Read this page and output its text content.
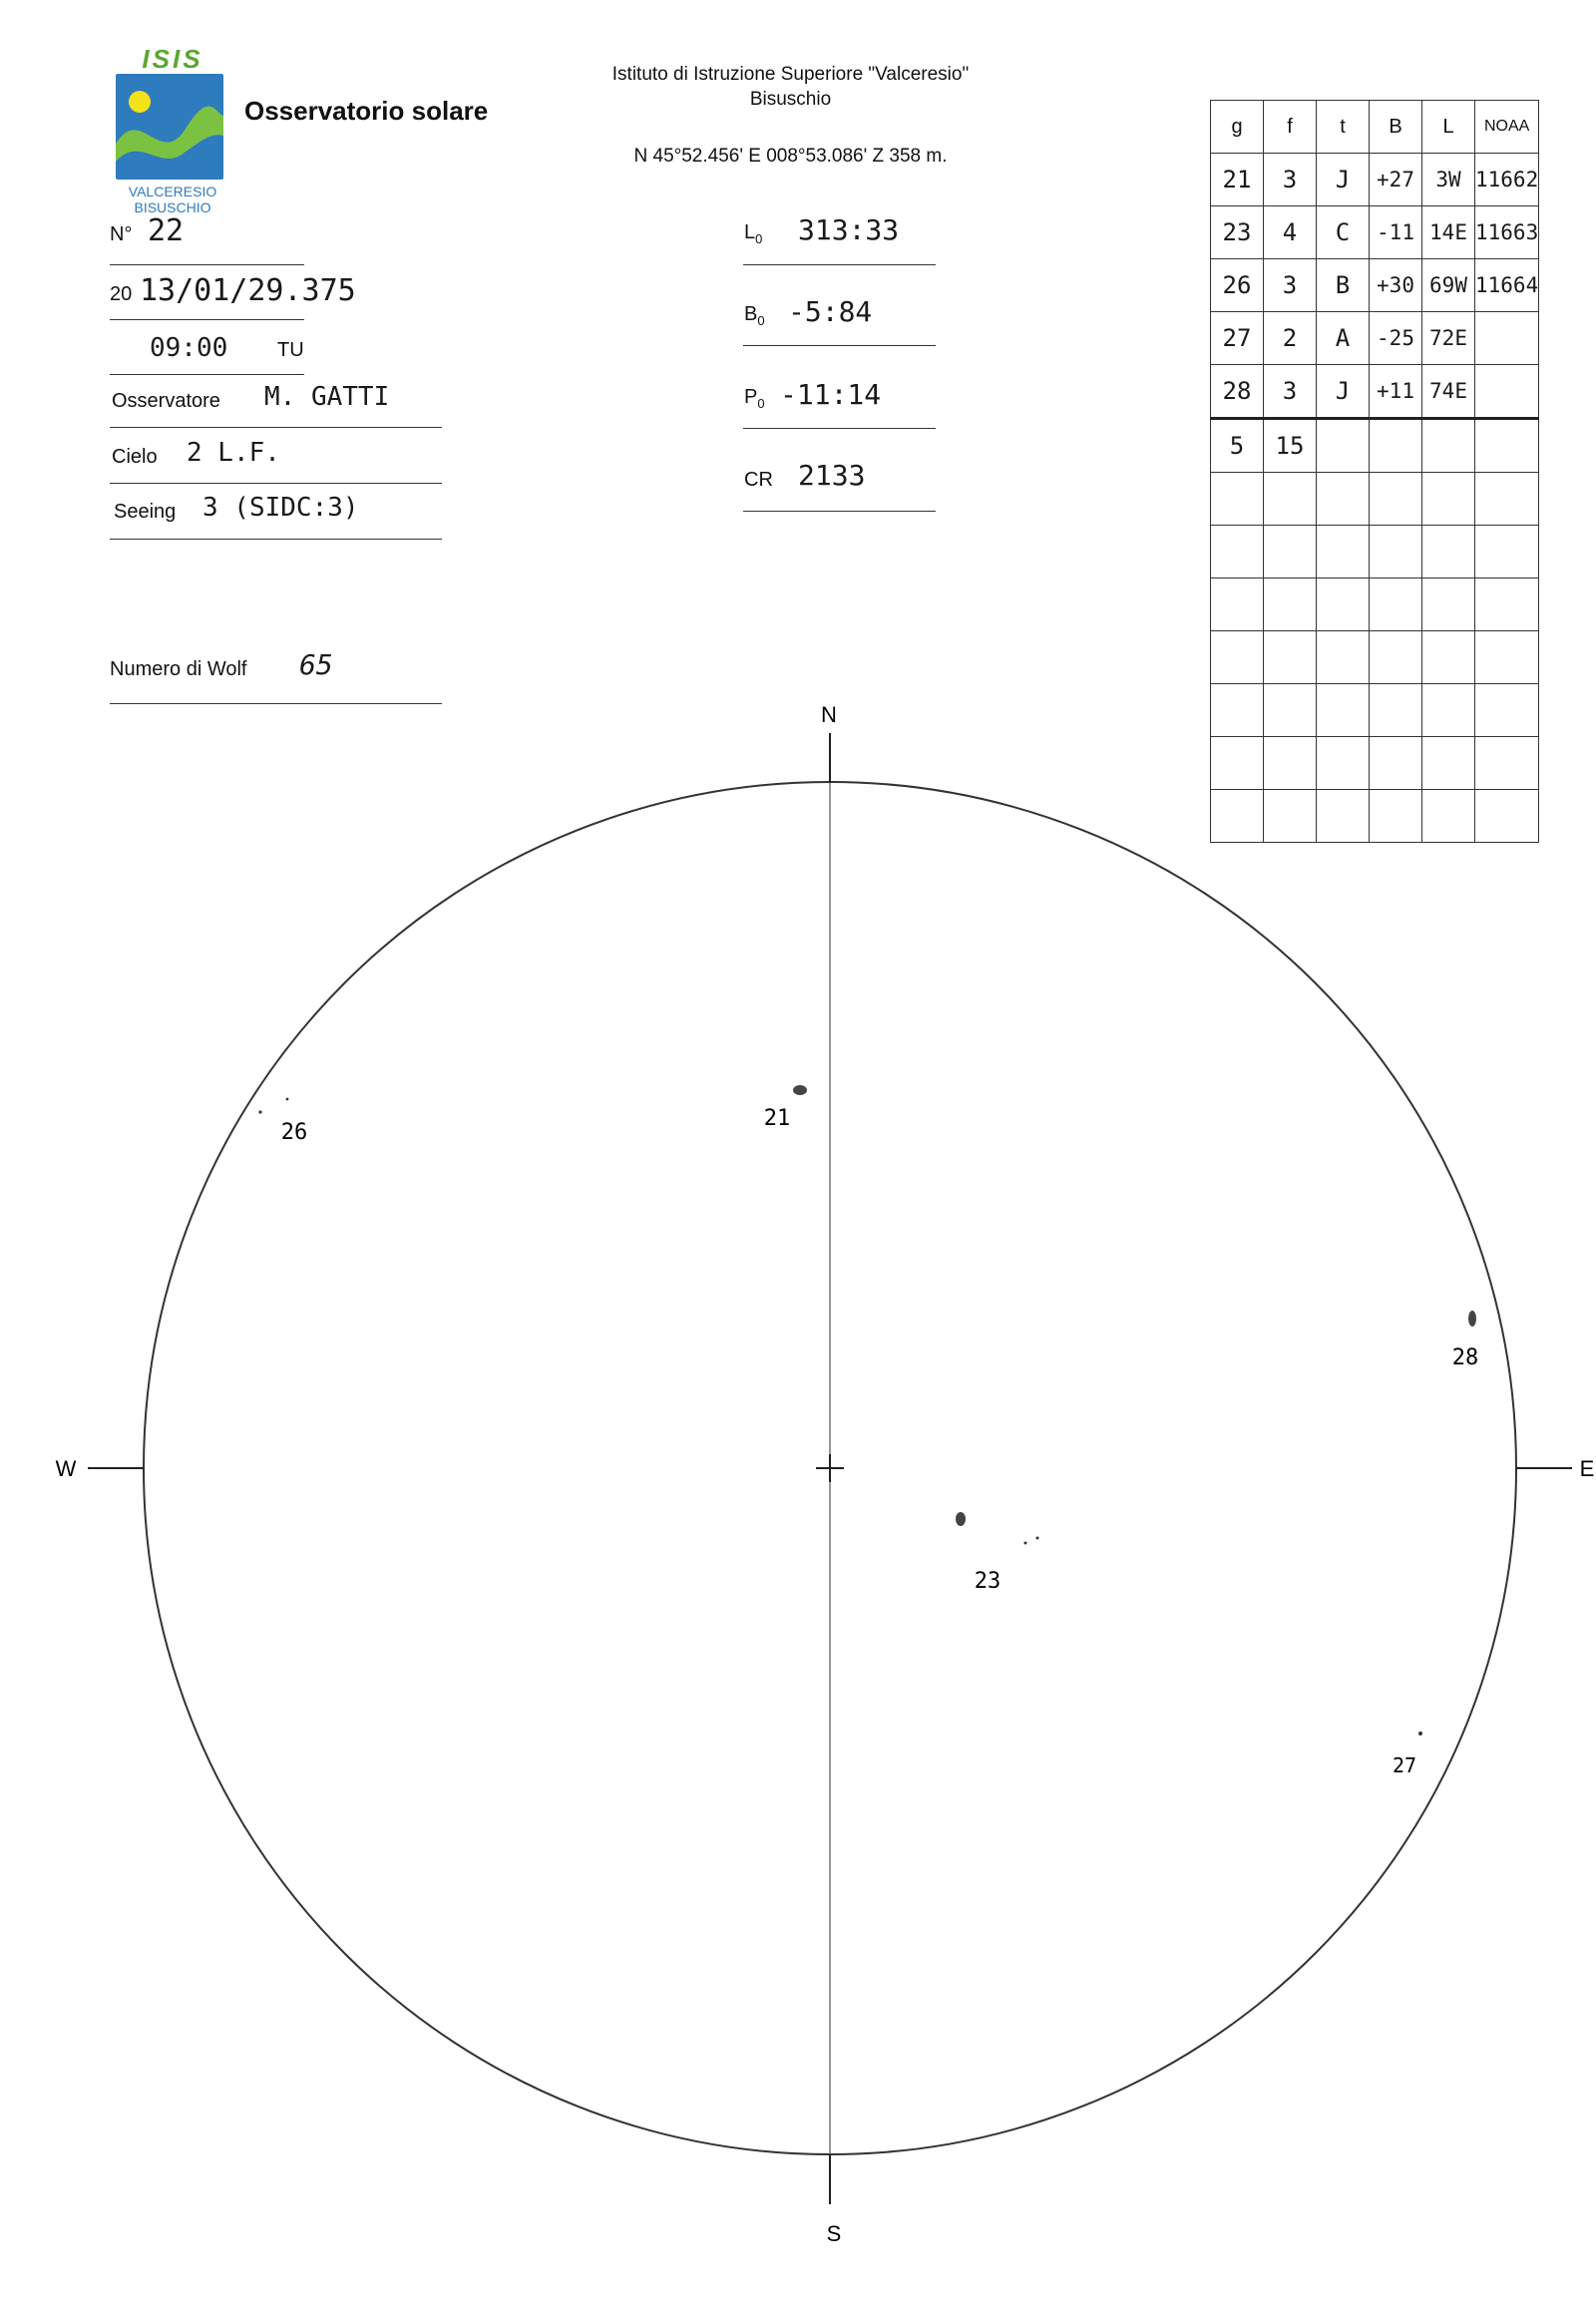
ISIS
VALCERESIO
BISUSCHIO
Osservatorio solare
Istituto di Istruzione Superiore "Valceresio"
Bisuschio
N 45°52.456' E 008°53.086' Z 358 m.
N° 22
20 13/01/29.375
09:00 TU
Osservatore M. GATTI
Cielo 2 L.F.
Seeing 3 (SIDC:3)
Numero di Wolf 65
$L_0$ 313:33
$B_0$ -5:84
$P_0$ -11:14
CR 2133
g	f	t	B	L	NOAA
21	3	J	+27	3W	11662
23	4	C	-11	14E	11663
26	3	B	+30	69W	11664
27	2	A	-25	72E	
28	3	J	+11	74E	
5	15				

N
S
E
W
21
26
28
23
27
